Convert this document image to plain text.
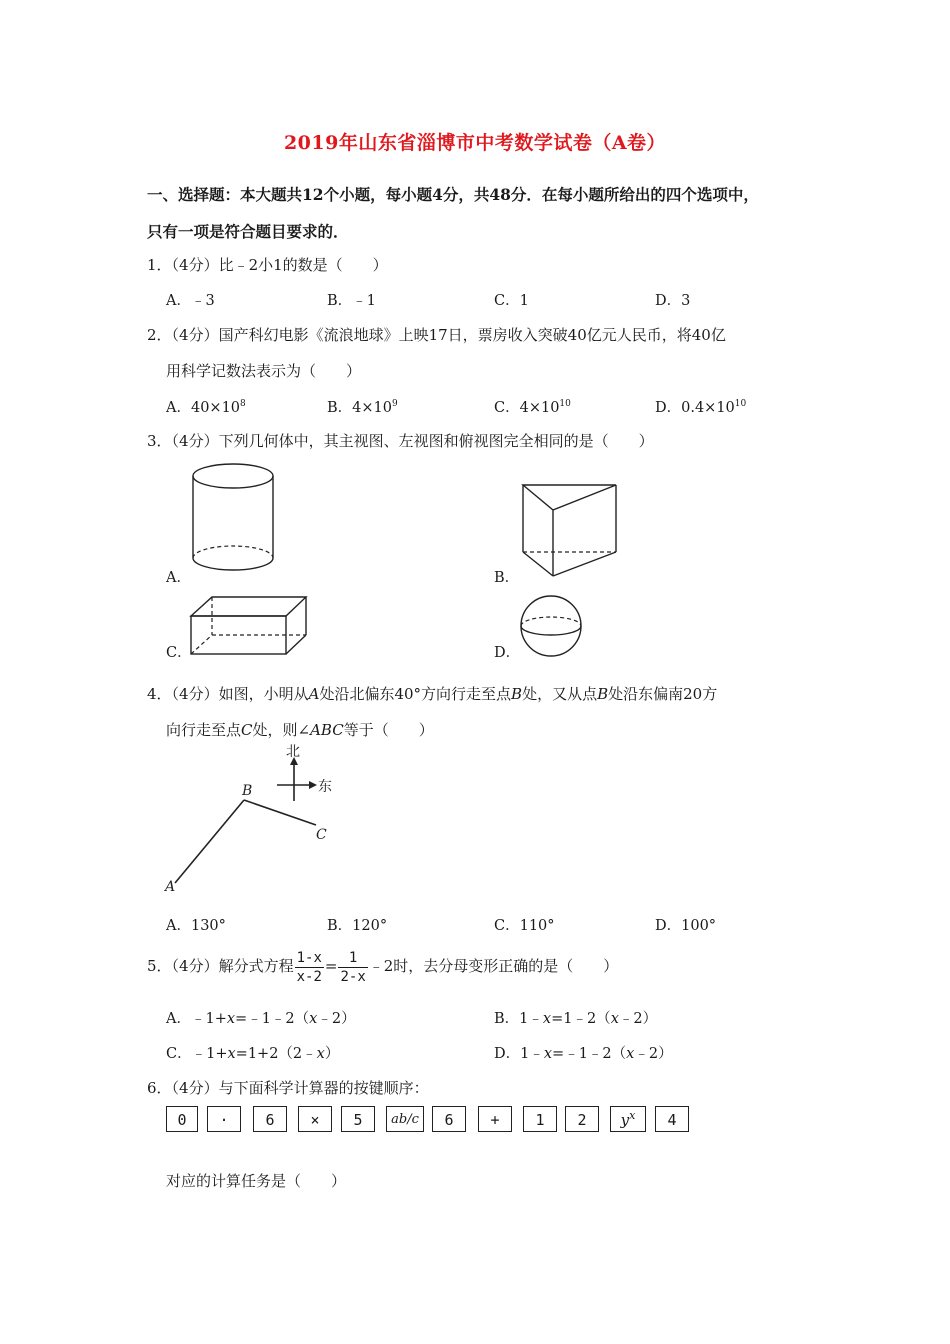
2019年山东省淄博市中考数学试卷（A卷）
一、选择题：本大题共12个小题，每小题4分，共48分．在每小题所给出的四个选项中，
只有一项是符合题目要求的．
1．（4分）比﹣2小1的数是（　　）
A．﹣3	B．﹣1	C．1	D．3
2．（4分）国产科幻电影《流浪地球》上映17日，票房收入突破40亿元人民币，将40亿
用科学记数法表示为（　　）
A．$40\times 10^8$	B．$4\times 10^9$	C．$4\times 10^{10}$	D．$0.4\times 10^{10}$
3．（4分）下列几何体中，其主视图、左视图和俯视图完全相同的是（　　）
A．	B．
C．	D．
4．（4分）如图，小明从A处沿北偏东40°方向行走至点B处，又从点B处沿东偏南20方
向行走至点C处，则∠ABC等于（　　）
北
东
B
C
A
A．130°	B．120°	C．110°	D．100°
5．（4分）解分式方程 $\frac{1-x}{x-2} = \frac{1}{2-x}$ ﹣2时，去分母变形正确的是（　　）
A．﹣1+x=﹣1﹣2（x﹣2）	B．1﹣x=1﹣2（x﹣2）
C．﹣1+x=1+2（2﹣x）	D．1﹣x=﹣1﹣2（x﹣2）
6．（4分）与下面科学计算器的按键顺序：
0	·	6	×	5	ab/c	6	+	1	2	$y^x$	4
对应的计算任务是（　　）
